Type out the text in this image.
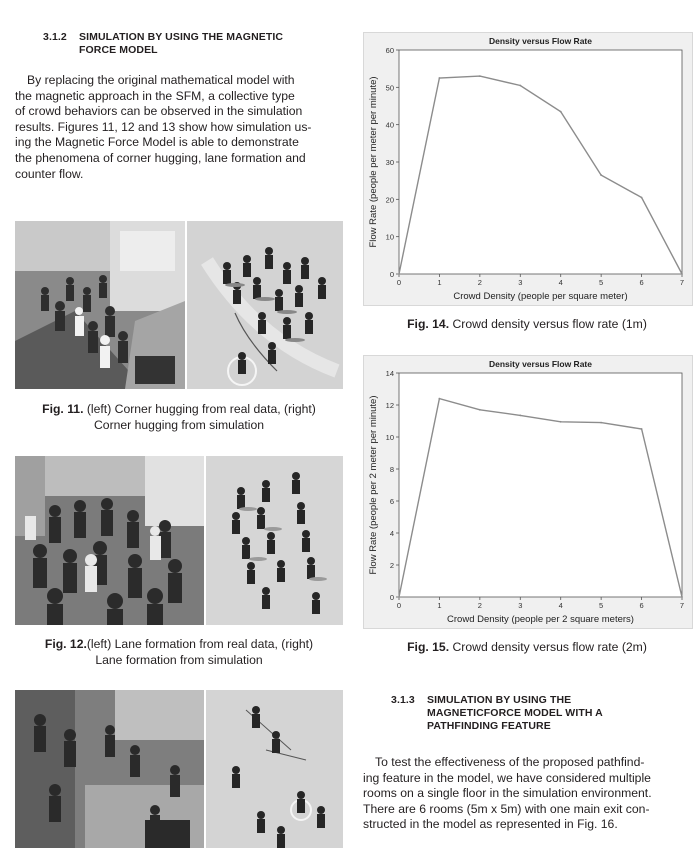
3.1.2 SIMULATION BY USING THE MAGNETIC
FORCE MODEL
By replacing the original mathematical model with
the magnetic approach in the SFM, a collective type
of crowd behaviors can be observed in the simulation
results. Figures 11, 12 and 13 show how simulation us-
ing the Magnetic Force Model is able to demonstrate
the phenomena of corner hugging, lane formation and
counter flow.
Fig. 11. (left) Corner hugging from real data, (right)
Corner hugging from simulation
Fig. 12.(left) Lane formation from real data, (right)
Lane formation from simulation
Density versus Flow Rate
0
10
20
30
40
50
60
0	1	2	3	4	5	6	7
Crowd Density (people per square meter)
Flow Rate (people per meter per minute)
Fig. 14. Crowd density versus flow rate (1m)
Density versus Flow Rate
0
2
4
6
8
10
12
14
0	1	2	3	4	5	6	7
Crowd Density (people per 2 square meters)
Flow Rate (people per 2 meter per minute)
Fig. 15. Crowd density versus flow rate (2m)
3.1.3 SIMULATION BY USING THE
MAGNETICFORCE MODEL WITH A
PATHFINDING FEATURE
To test the effectiveness of the proposed pathfind-
ing feature in the model, we have considered multiple
rooms on a single floor in the simulation environment.
There are 6 rooms (5m x 5m) with one main exit con-
structed in the model as represented in Fig. 16.
